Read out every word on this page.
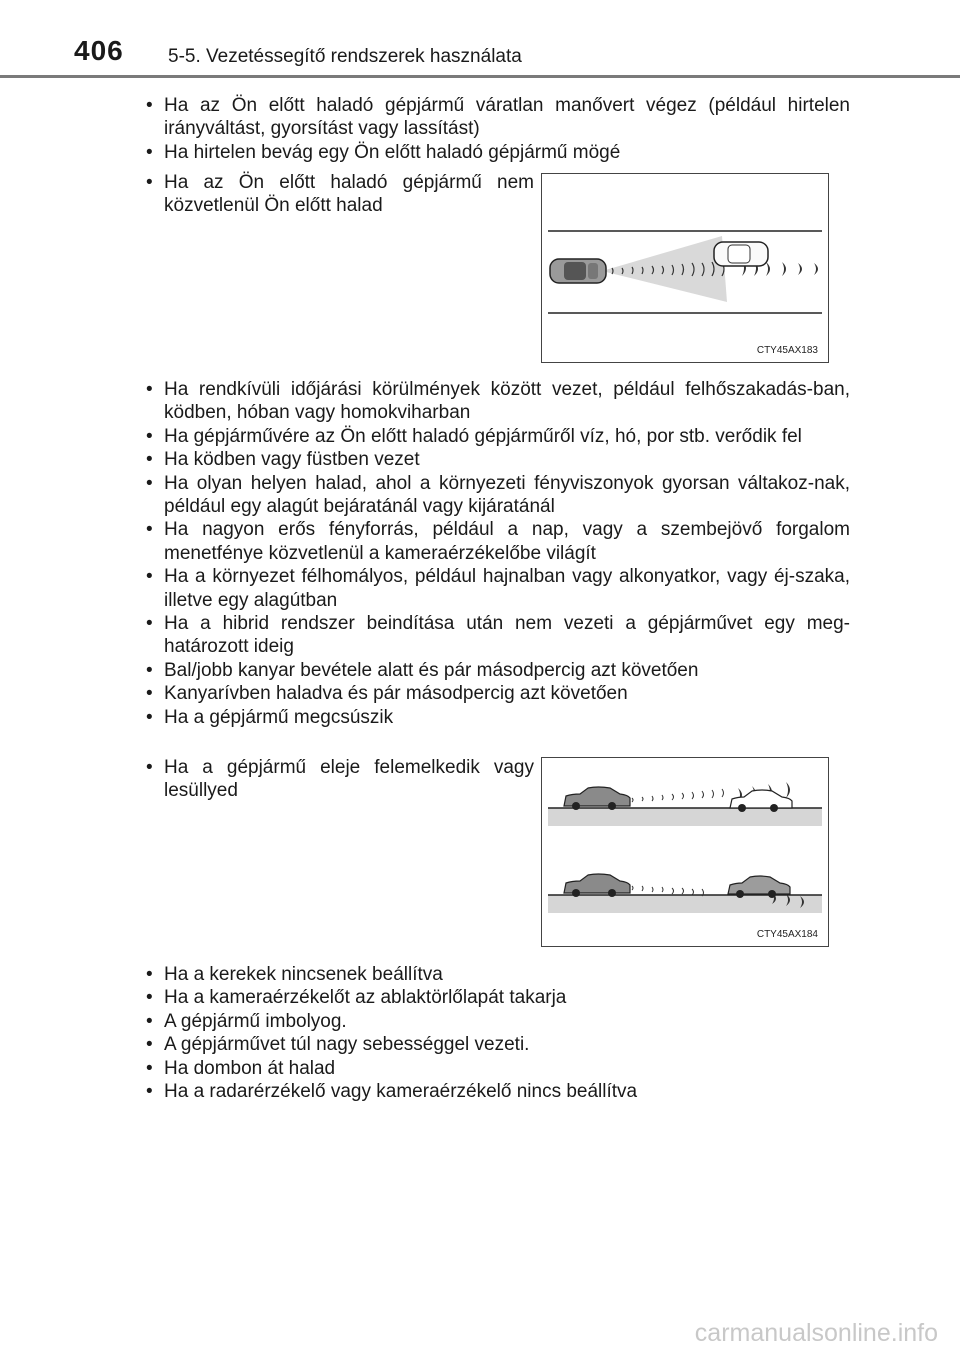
406 5-5. Vezetéssegítő rendszerek használata
• Ha az Ön előtt haladó gépjármű váratlan manővert végez (például hirtelen irányváltást, gyorsítást vagy lassítást)
• Ha hirtelen bevág egy Ön előtt haladó gépjármű mögé
• Ha az Ön előtt haladó gépjármű nem közvetlenül Ön előtt halad
CTY45AX183
• Ha rendkívüli időjárási körülmények között vezet, például felhőszakadás-ban, ködben, hóban vagy homokviharban
• Ha gépjárművére az Ön előtt haladó gépjárműről víz, hó, por stb. verődik fel
• Ha ködben vagy füstben vezet
• Ha olyan helyen halad, ahol a környezeti fényviszonyok gyorsan váltakoz-nak, például egy alagút bejáratánál vagy kijáratánál
• Ha nagyon erős fényforrás, például a nap, vagy a szembejövő forgalom menetfénye közvetlenül a kameraérzékelőbe világít
• Ha a környezet félhomályos, például hajnalban vagy alkonyatkor, vagy éj-szaka, illetve egy alagútban
• Ha a hibrid rendszer beindítása után nem vezeti a gépjárművet egy meg-határozott ideig
• Bal/jobb kanyar bevétele alatt és pár másodpercig azt követően
• Kanyarívben haladva és pár másodpercig azt követően
• Ha a gépjármű megcsúszik
• Ha a gépjármű eleje felemelkedik vagy lesüllyed
CTY45AX184
• Ha a kerekek nincsenek beállítva
• Ha a kameraérzékelőt az ablaktörlőlapát takarja
• A gépjármű imbolyog.
• A gépjárművet túl nagy sebességgel vezeti.
• Ha dombon át halad
• Ha a radarérzékelő vagy kameraérzékelő nincs beállítva
carmanualsonline.info
